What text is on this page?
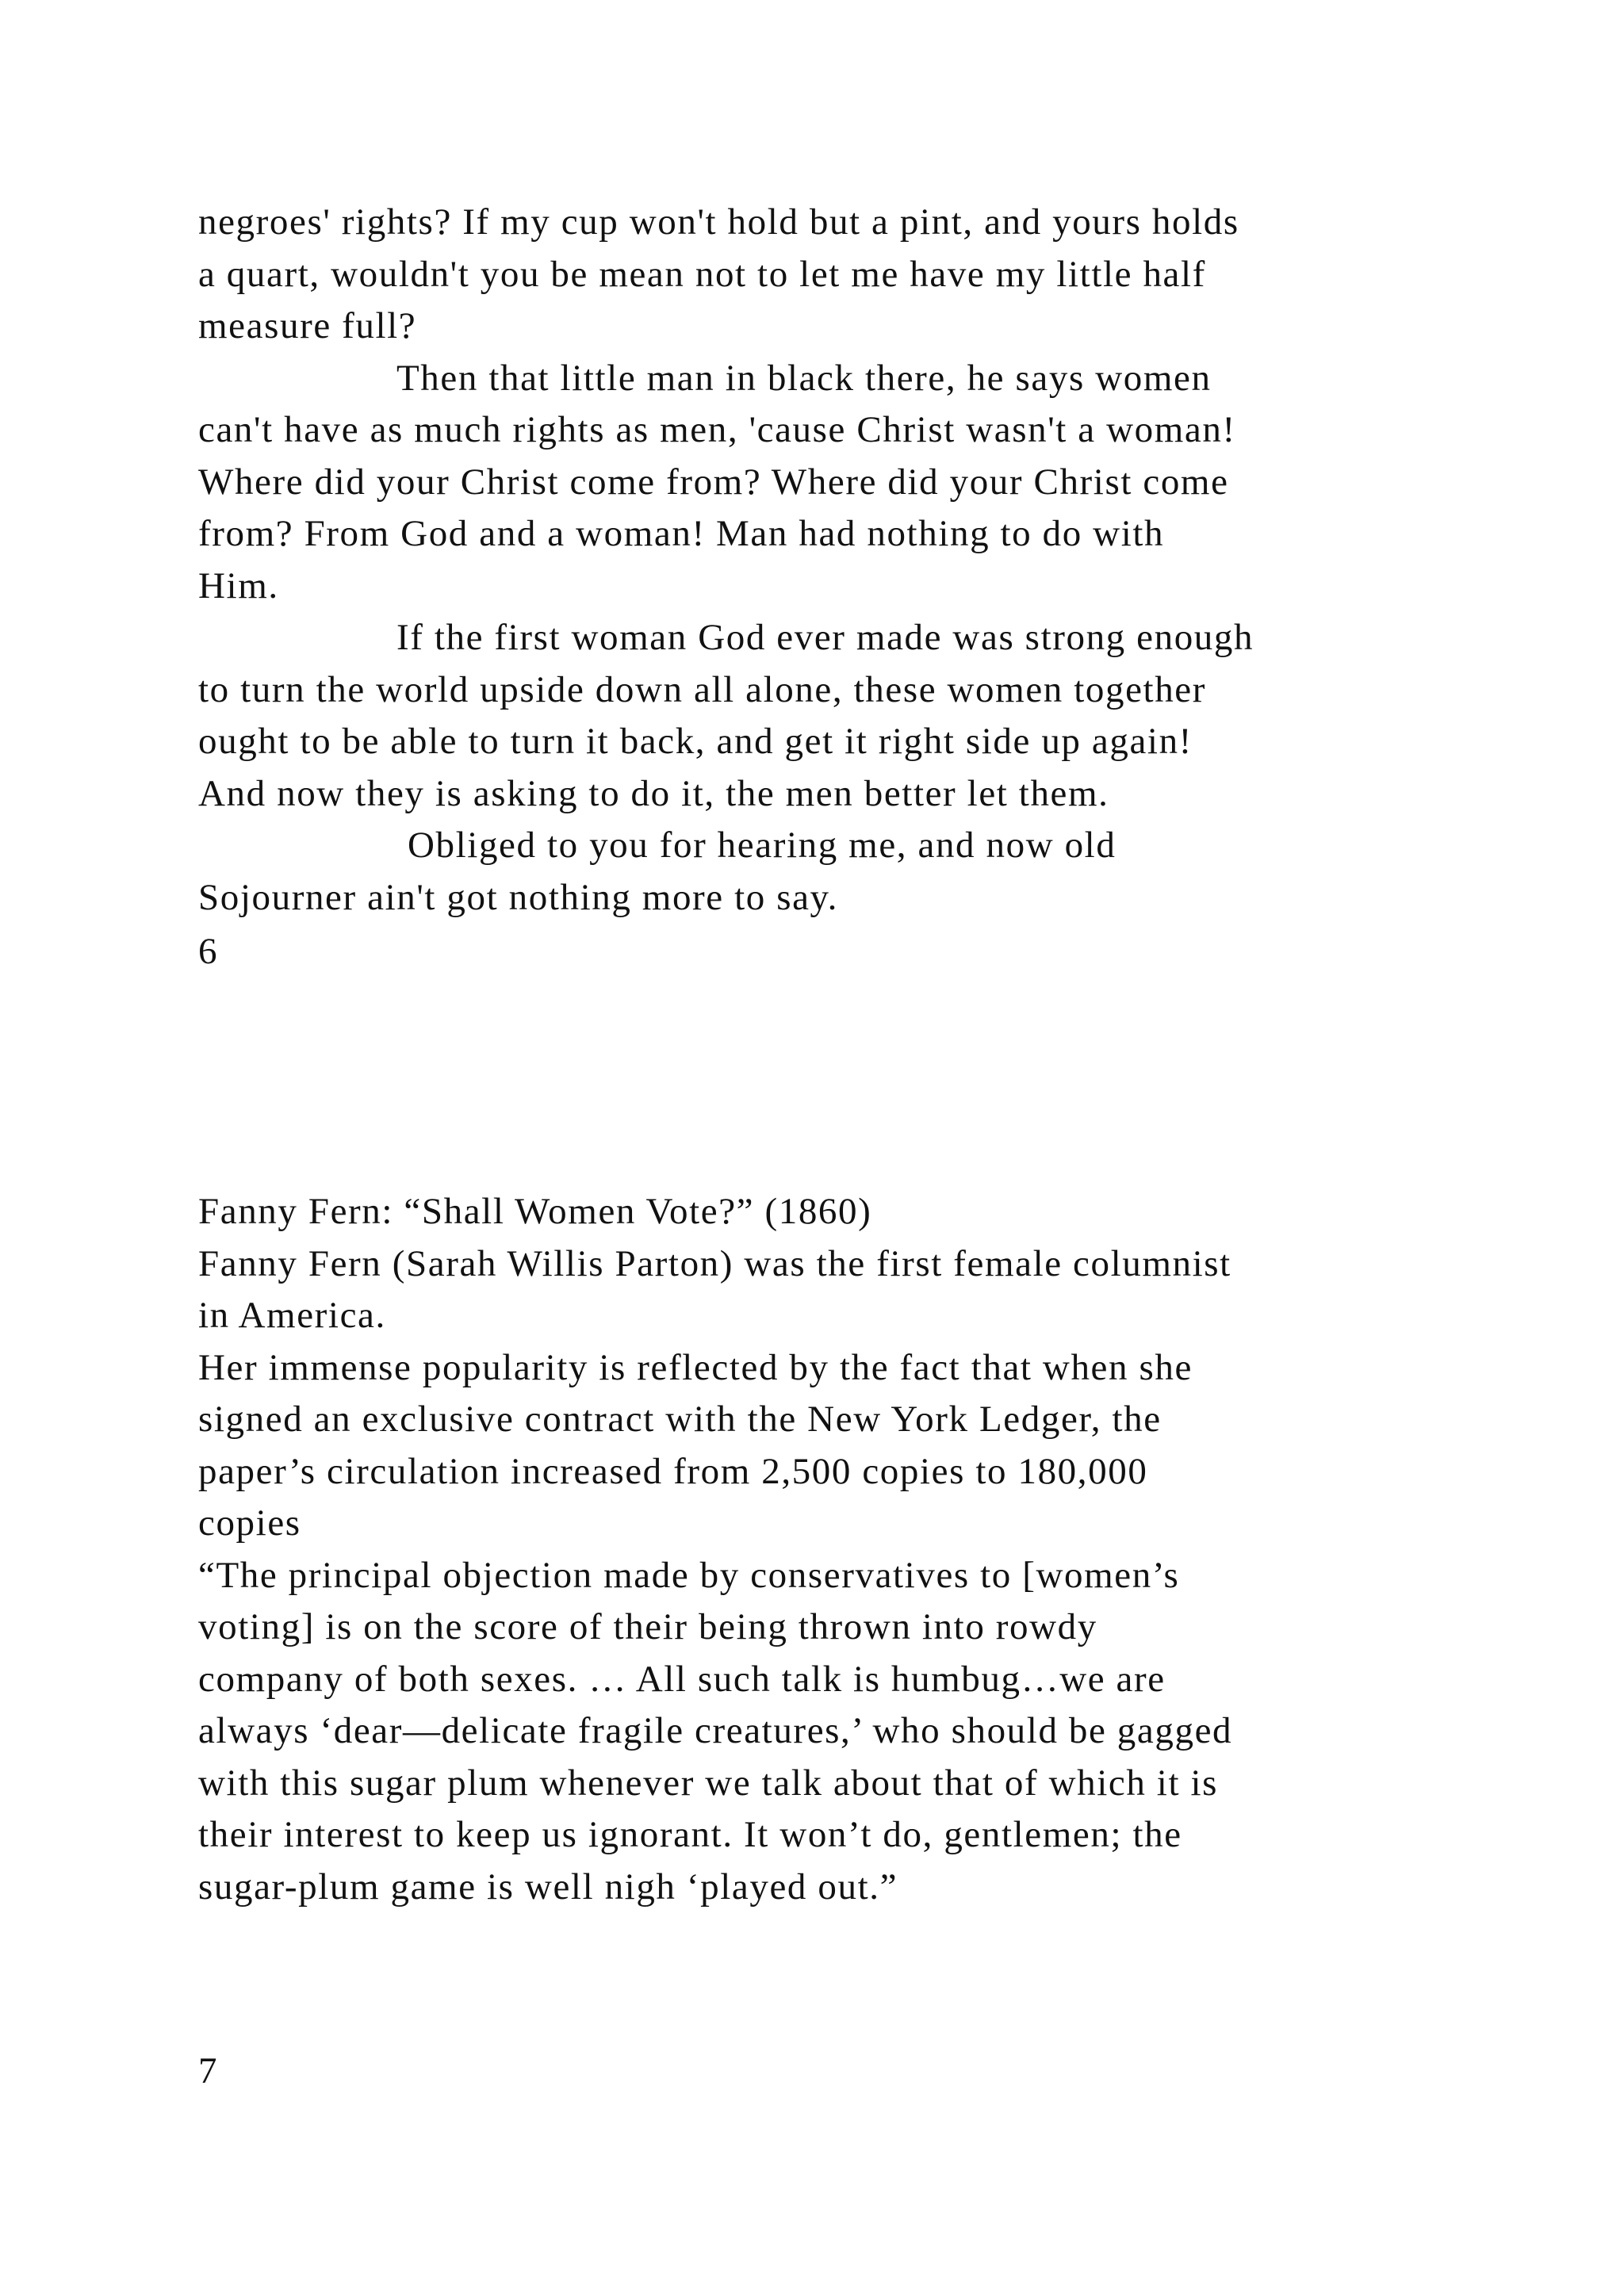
negroes' rights? If my cup won't hold but a pint, and yours holds
a quart, wouldn't you be mean not to let me have my little half
measure full?
Then that little man in black there, he says women
can't have as much rights as men, 'cause Christ wasn't a woman!
Where did your Christ come from? Where did your Christ come
from? From God and a woman! Man had nothing to do with
Him.
If the first woman God ever made was strong enough
to turn the world upside down all alone, these women together
ought to be able to turn it back, and get it right side up again!
And now they is asking to do it, the men better let them.
Obliged to you for hearing me, and now old
Sojourner ain't got nothing more to say.
6
Fanny Fern: “Shall Women Vote?” (1860)
Fanny Fern (Sarah Willis Parton) was the first female columnist
in America.
Her immense popularity is reflected by the fact that when she
signed an exclusive contract with the New York Ledger, the
paper’s circulation increased from 2,500 copies to 180,000
copies
“The principal objection made by conservatives to [women’s
voting] is on the score of their being thrown into rowdy
company of both sexes. … All such talk is humbug…we are
always ‘dear—delicate fragile creatures,’ who should be gagged
with this sugar plum whenever we talk about that of which it is
their interest to keep us ignorant. It won’t do, gentlemen; the
sugar-plum game is well nigh ‘played out.”
7
